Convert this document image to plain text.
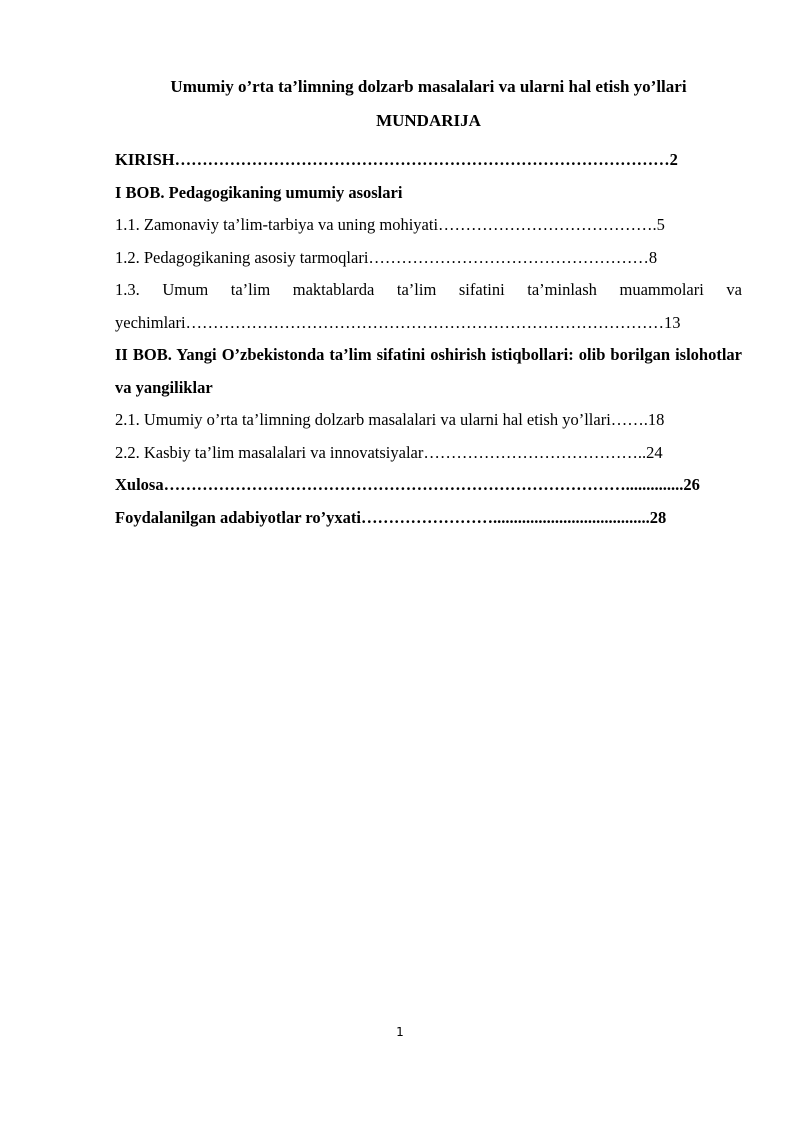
Umumiy o’rta ta’limning dolzarb masalalari va ularni hal etish yo’llari
MUNDARIJA
KIRISH………………………………………………………………………………2
I BOB. Pedagogikaning umumiy asoslari
1.1. Zamonaviy ta’lim-tarbiya va uning mohiyati………………………………….5
1.2. Pedagogikaning asosiy tarmoqlari……………………………………………8
1.3. Umum ta’lim maktablarda ta’lim sifatini ta’minlash muammolari va
yechimlari……………………………………………………………………………13
II BOB. Yangi O’zbekistonda ta’lim sifatini oshirish istiqbollari: olib borilgan islohotlar va yangiliklar
2.1. Umumiy o’rta ta’limning dolzarb masalalari va ularni hal etish yo’llari…….18
2.2. Kasbiy ta’lim masalalari va innovatsiyalar…………………………………..24
Xulosa…………………………………………………………………………..............26
Foydalanilgan adabiyotlar ro’yxati……………………......................................28
1
